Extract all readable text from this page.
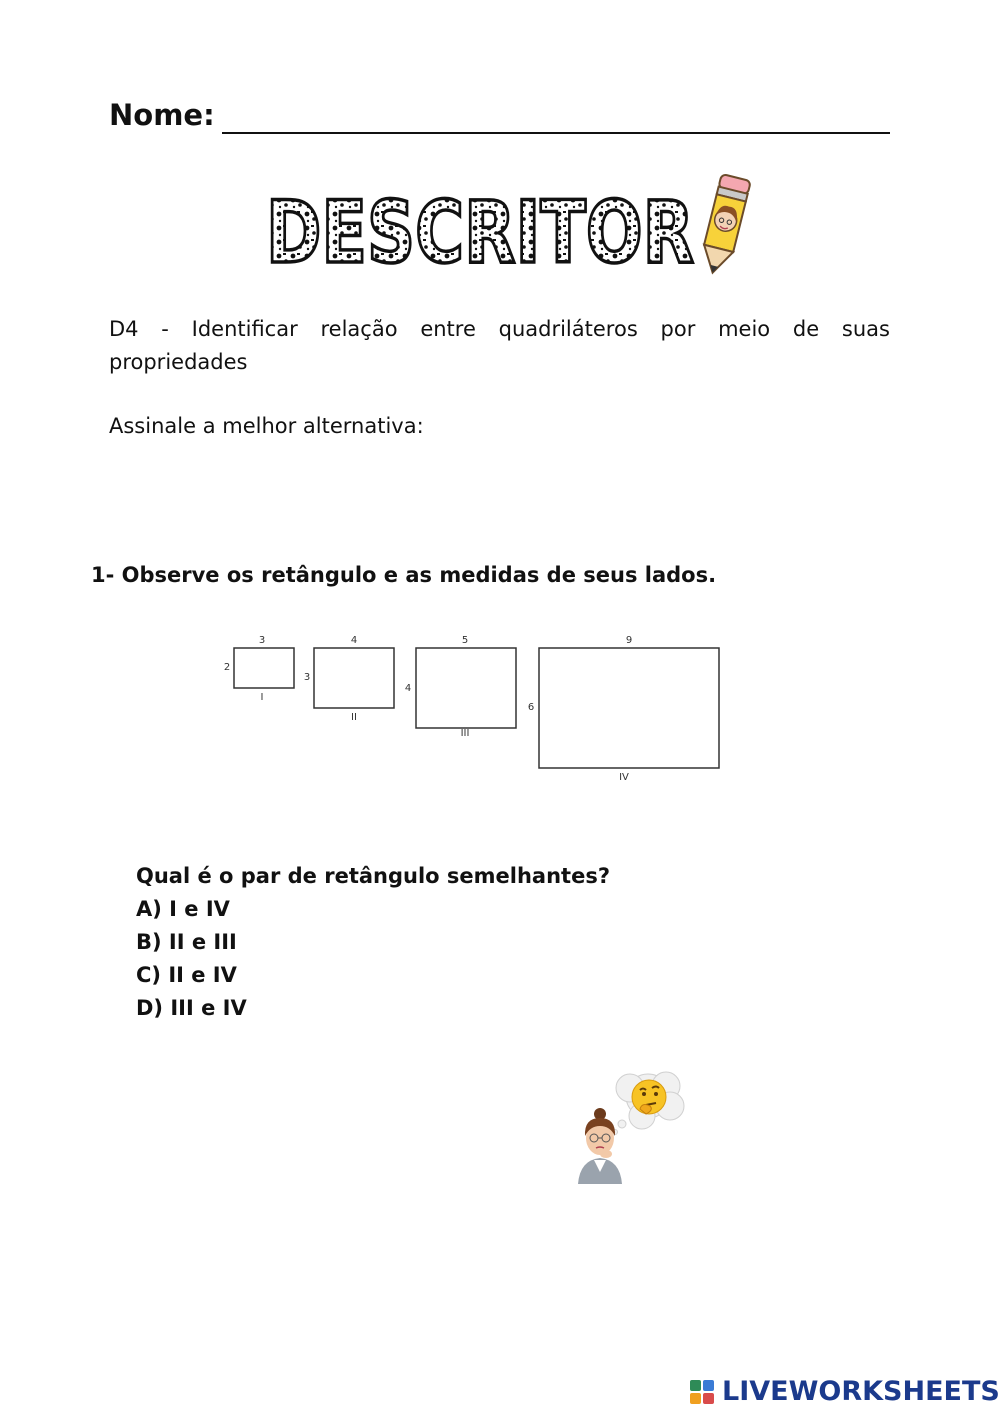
Nome:
DESCRITOR
D4 - Identificar relação entre quadriláteros por meio de suas propriedades
Assinale a melhor alternativa:
1- Observe os retângulo e as medidas de seus lados.
3
2
I
4
3
II
5
4
III
9
6
IV
Qual é o par de retângulo semelhantes?
A) I e IV
B) II e III
C) II e IV
D) III e IV
LIVEWORKSHEETS
